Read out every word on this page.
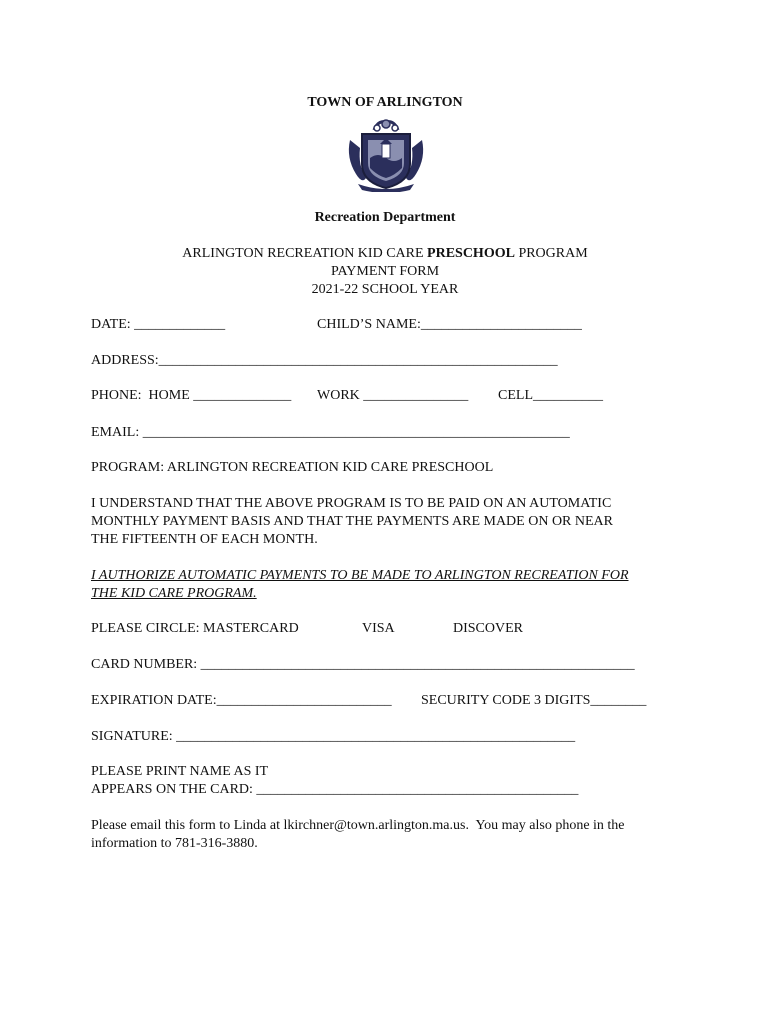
TOWN OF ARLINGTON
Recreation Department
ARLINGTON RECREATION KID CARE PRESCHOOL PROGRAM
PAYMENT FORM
2021-22 SCHOOL YEAR
DATE: _____________	CHILD’S NAME:_______________________
ADDRESS:_________________________________________________________
PHONE:  HOME ______________ WORK _______________ CELL__________
EMAIL: _____________________________________________________________
PROGRAM: ARLINGTON RECREATION KID CARE PRESCHOOL
I UNDERSTAND THAT THE ABOVE PROGRAM IS TO BE PAID ON AN AUTOMATIC
MONTHLY PAYMENT BASIS AND THAT THE PAYMENTS ARE MADE ON OR NEAR
THE FIFTEENTH OF EACH MONTH.
I AUTHORIZE AUTOMATIC PAYMENTS TO BE MADE TO ARLINGTON RECREATION FOR
THE KID CARE PROGRAM.
PLEASE CIRCLE: MASTERCARD	VISA	DISCOVER
CARD NUMBER: ______________________________________________________________
EXPIRATION DATE:_________________________ SECURITY CODE 3 DIGITS________
SIGNATURE: _________________________________________________________
PLEASE PRINT NAME AS IT
APPEARS ON THE CARD: ______________________________________________
Please email this form to Linda at lkirchner@town.arlington.ma.us.  You may also phone in the
information to 781-316-3880.
